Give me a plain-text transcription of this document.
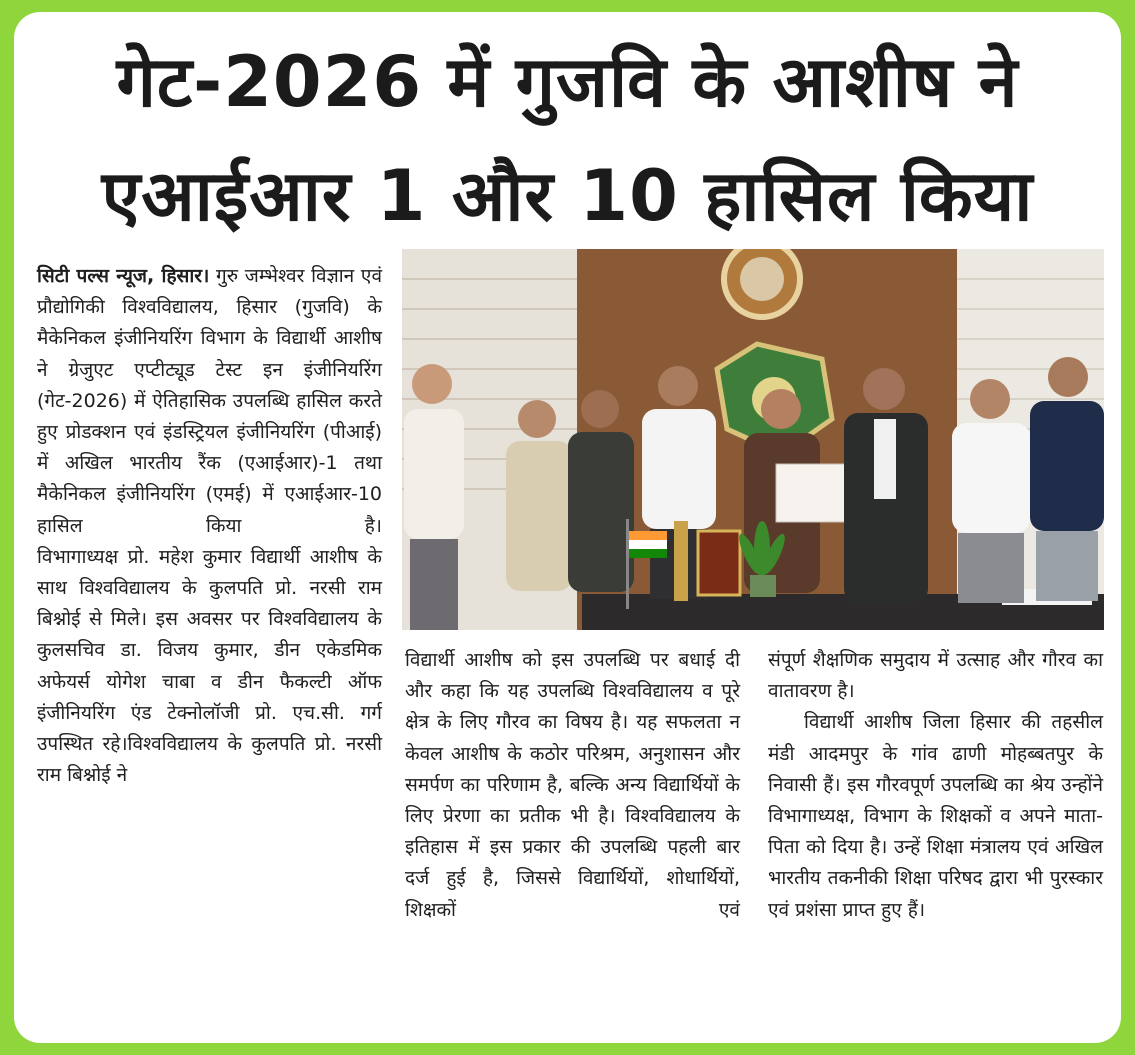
गेट-2026 में गुजवि के आशीष ने
एआईआर 1 और 10 हासिल किया

सिटी पल्स न्यूज, हिसार। गुरु जम्भेश्वर विज्ञान एवं प्रौद्योगिकी विश्वविद्यालय, हिसार (गुजवि) के मैकेनिकल इंजीनियरिंग विभाग के विद्यार्थी आशीष ने ग्रेजुएट एप्टीट्यूड टेस्ट इन इंजीनियरिंग (गेट-2026) में ऐतिहासिक उपलब्धि हासिल करते हुए प्रोडक्शन एवं इंडस्ट्रियल इंजीनियरिंग (पीआई) में अखिल भारतीय रैंक (एआईआर)-1 तथा मैकेनिकल इंजीनियरिंग (एमई) में एआईआर-10 हासिल किया है।

विभागाध्यक्ष प्रो. महेश कुमार विद्यार्थी आशीष के साथ विश्वविद्यालय के कुलपति प्रो. नरसी राम बिश्नोई से मिले। इस अवसर पर विश्वविद्यालय के कुलसचिव डा. विजय कुमार, डीन एकेडमिक अफेयर्स योगेश चाबा व डीन फैकल्टी ऑफ इंजीनियरिंग एंड टेक्नोलॉजी प्रो. एच.सी. गर्ग उपस्थित रहे।विश्वविद्यालय के कुलपति प्रो. नरसी राम बिश्नोई ने

विद्यार्थी आशीष को इस उपलब्धि पर बधाई दी और कहा कि यह उपलब्धि विश्वविद्यालय व पूरे क्षेत्र के लिए गौरव का विषय है। यह सफलता न केवल आशीष के कठोर परिश्रम, अनुशासन और समर्पण का परिणाम है, बल्कि अन्य विद्यार्थियों के लिए प्रेरणा का प्रतीक भी है। विश्वविद्यालय के इतिहास में इस प्रकार की उपलब्धि पहली बार दर्ज हुई है, जिससे विद्यार्थियों, शोधार्थियों, शिक्षकों एवं

संपूर्ण शैक्षणिक समुदाय में उत्साह और गौरव का वातावरण है।

विद्यार्थी आशीष जिला हिसार की तहसील मंडी आदमपुर के गांव ढाणी मोहब्बतपुर के निवासी हैं। इस गौरवपूर्ण उपलब्धि का श्रेय उन्होंने विभागाध्यक्ष, विभाग के शिक्षकों व अपने माता-पिता को दिया है। उन्हें शिक्षा मंत्रालय एवं अखिल भारतीय तकनीकी शिक्षा परिषद द्वारा भी पुरस्कार एवं प्रशंसा प्राप्त हुए हैं।
